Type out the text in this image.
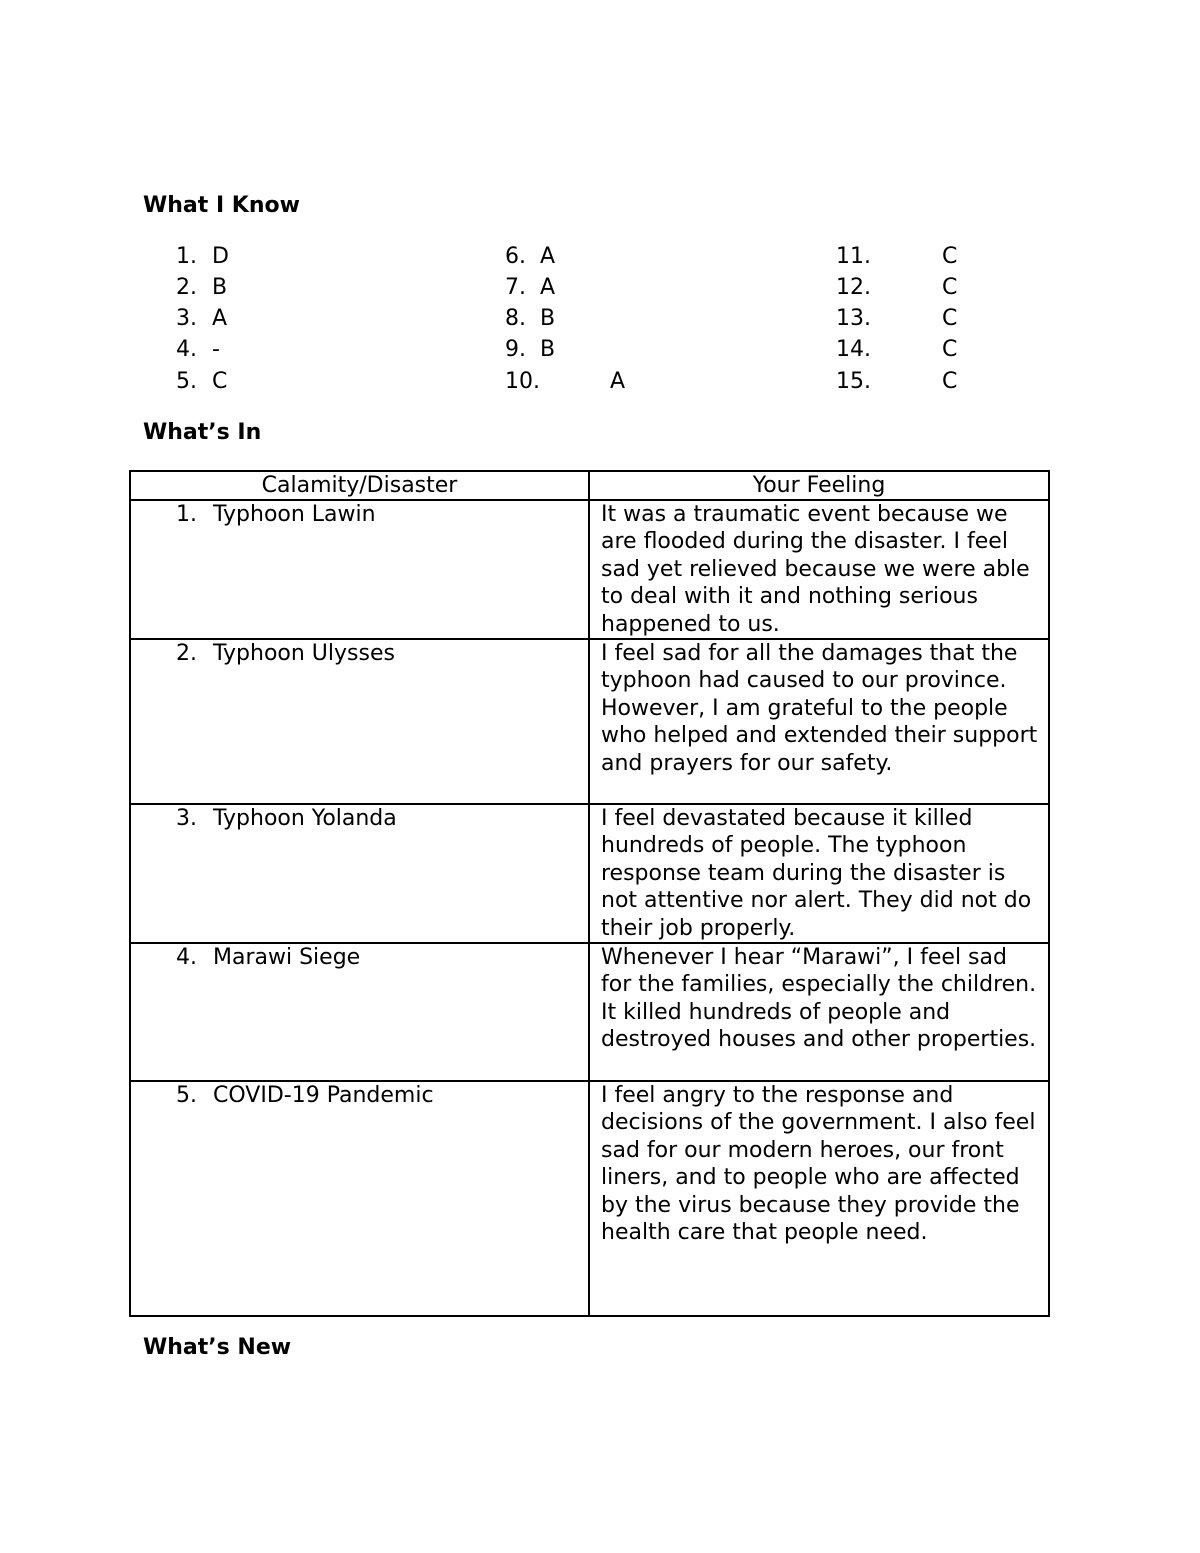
What I Know
1. D
2. B
3. A
4. -
5. C
6. A
7. A
8. B
9. B
10.	A
11.	C
12.	C
13.	C
14.	C
15.	C
What’s In
Calamity/Disaster	Your Feeling
1. Typhoon Lawin	It was a traumatic event because we are flooded during the disaster. I feel sad yet relieved because we were able to deal with it and nothing serious happened to us.
2. Typhoon Ulysses	I feel sad for all the damages that the typhoon had caused to our province. However, I am grateful to the people who helped and extended their support and prayers for our safety.
3. Typhoon Yolanda	I feel devastated because it killed hundreds of people. The typhoon response team during the disaster is not attentive nor alert. They did not do their job properly.
4. Marawi Siege	Whenever I hear “Marawi”, I feel sad for the families, especially the children. It killed hundreds of people and destroyed houses and other properties.
5. COVID-19 Pandemic	I feel angry to the response and decisions of the government. I also feel sad for our modern heroes, our front liners, and to people who are affected by the virus because they provide the health care that people need.
What’s New
